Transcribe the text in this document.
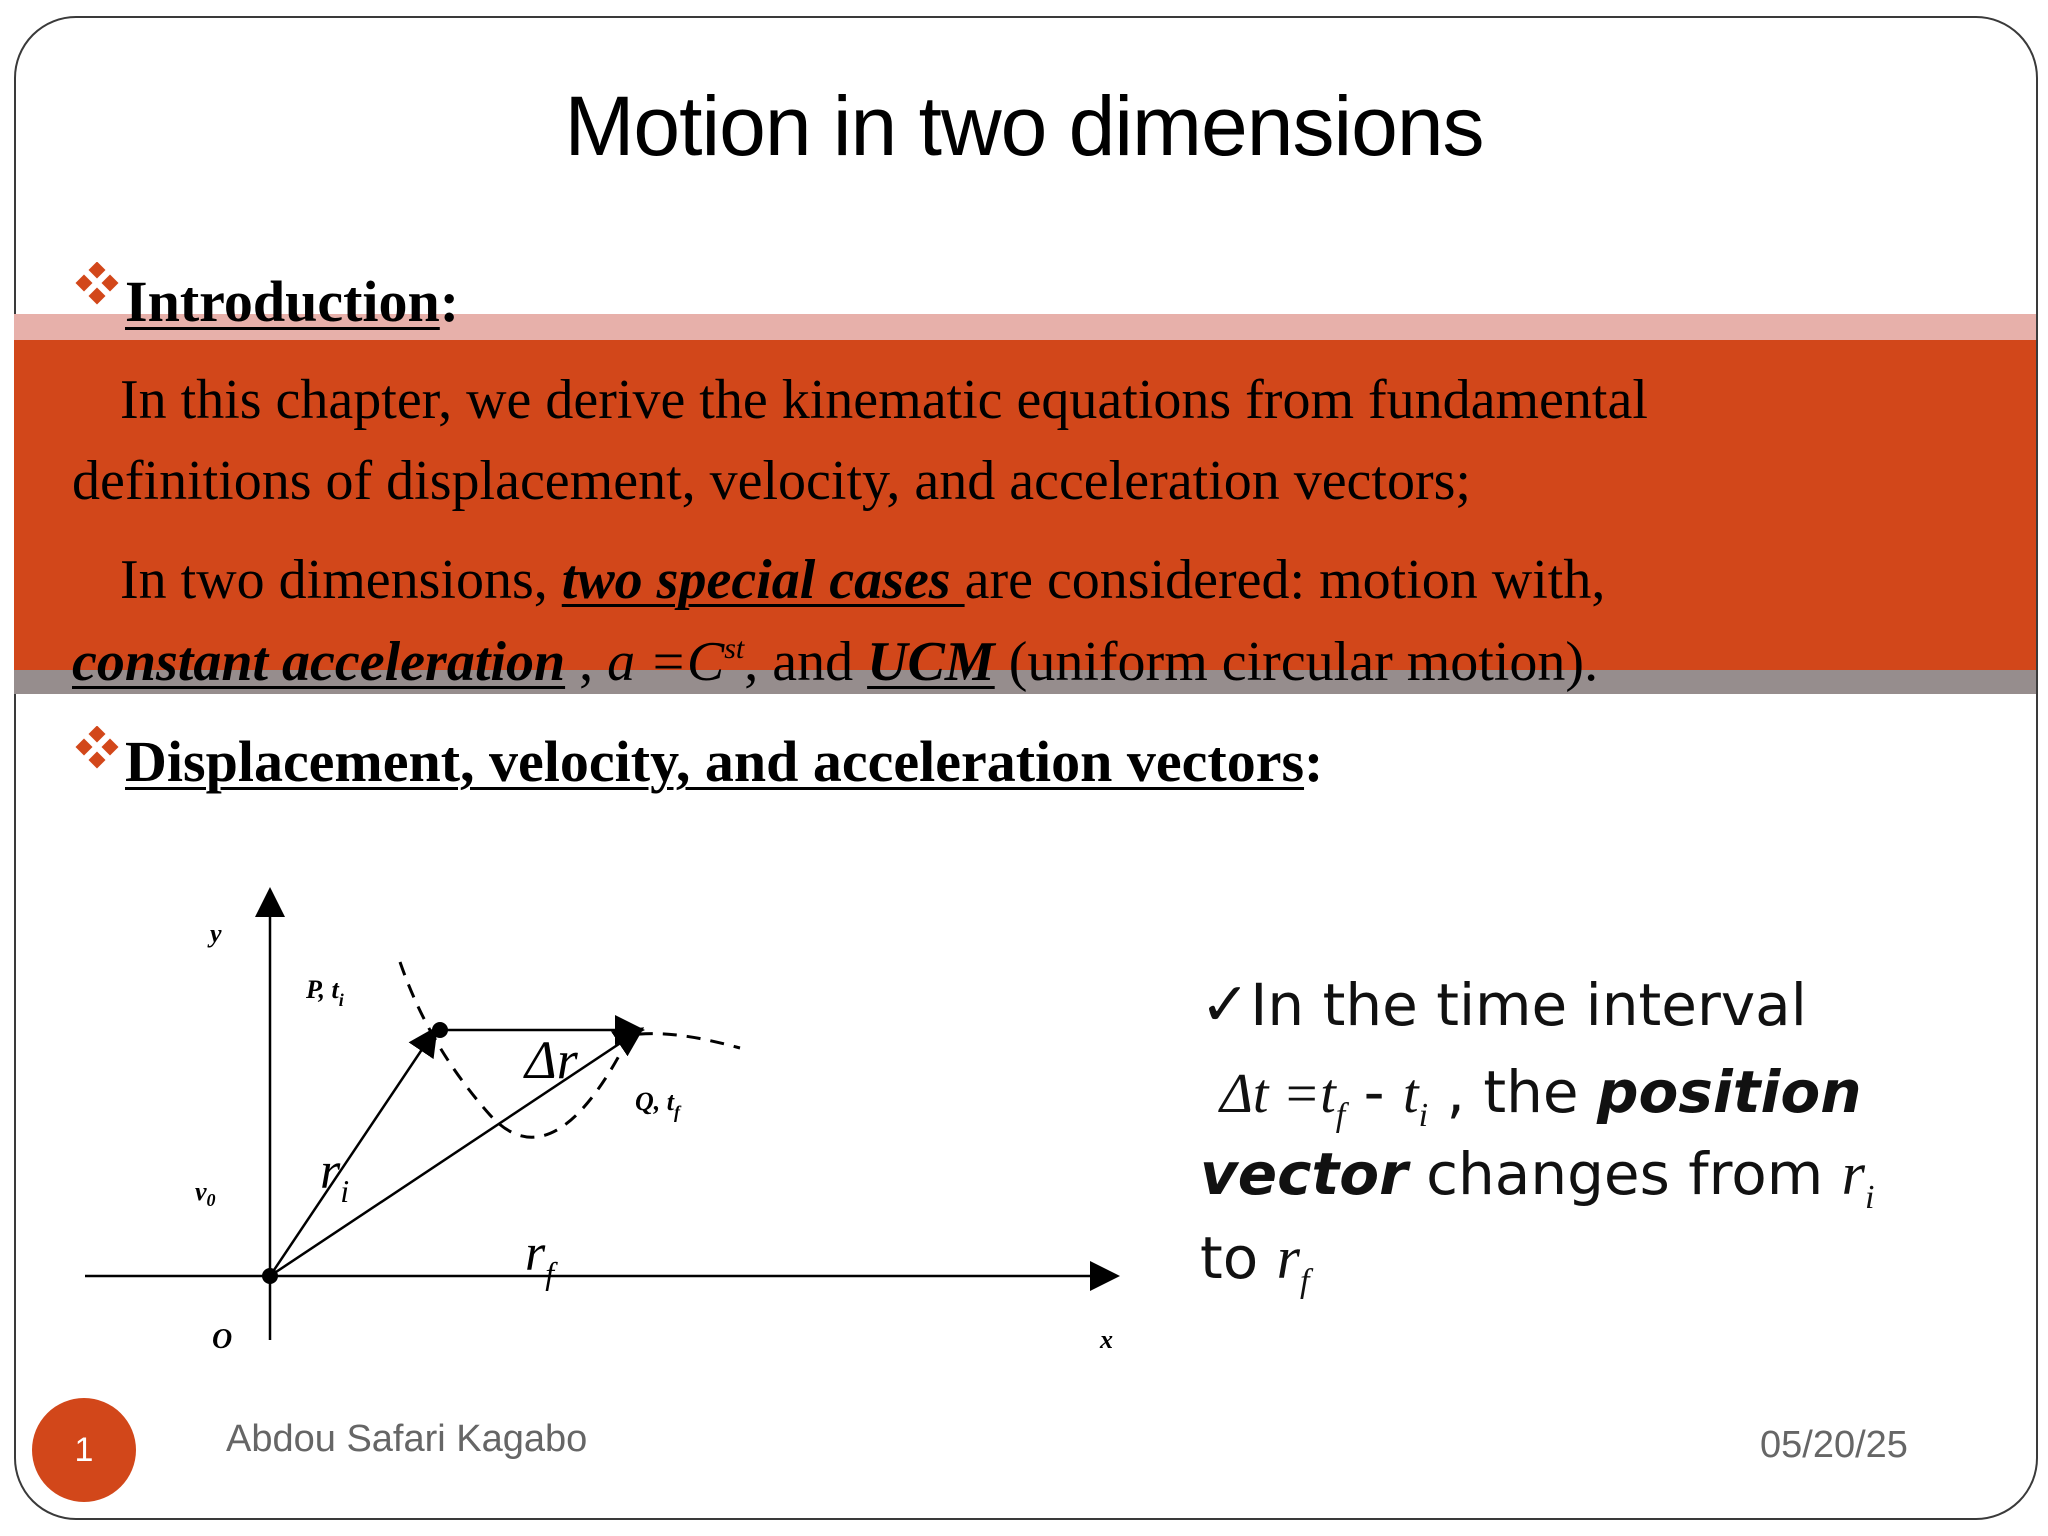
Motion in two dimensions
Introduction:
In this chapter, we derive the kinematic equations from fundamental
definitions of displacement, velocity, and acceleration vectors;
In two dimensions, two special cases are considered: motion with,
constant acceleration , a =Cst, and UCM (uniform circular motion).
Displacement, velocity, and acceleration vectors:
y
x
O
$v_0$
P, $t_i$
Q, $t_f$
Δr
$r_i$
$r_f$
✓In the time interval
$\Delta t =t_f - t_i$ , the position
vector changes from $r_i$
to $r_f$
1	Abdou Safari Kagabo	05/20/25
